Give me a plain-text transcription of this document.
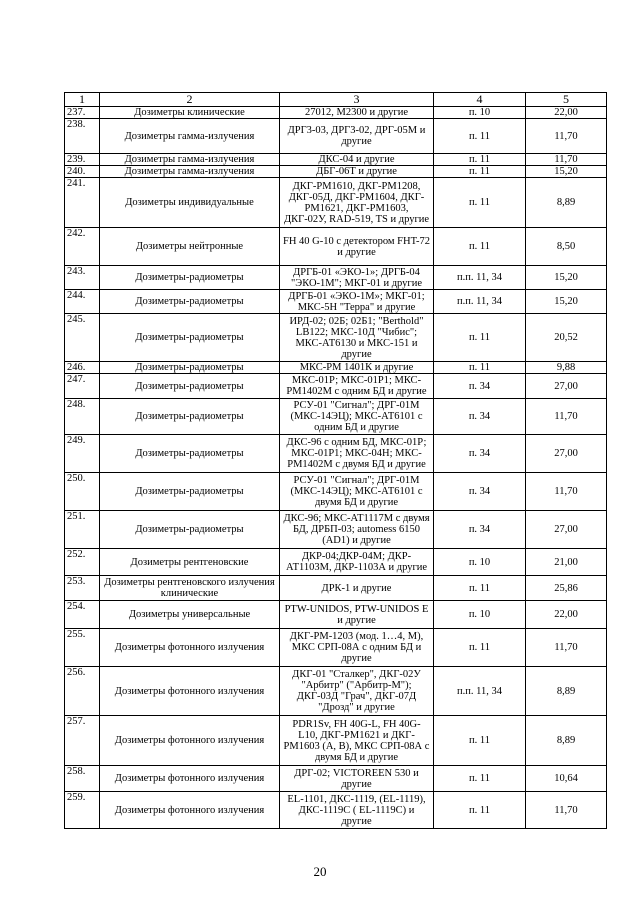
1	2	3	4	5
237.	Дозиметры клинические	27012, M2300 и другие	п. 10	22,00
238.	Дозиметры гамма-излучения	ДРГ3-03, ДРГ3-02, ДРГ-05М и другие	п. 11	11,70
239.	Дозиметры гамма-излучения	ДКС-04 и другие	п. 11	11,70
240.	Дозиметры гамма-излучения	ДБГ-06Т и другие	п. 11	15,20
241.	Дозиметры индивидуальные	ДКГ-РМ1610, ДКГ-РМ1208, ДКГ-05Д, ДКГ-РМ1604, ДКГ-РМ1621, ДКГ-РМ1603, ДКГ-02У, RAD-519, TS и другие	п. 11	8,89
242.	Дозиметры нейтронные	FH 40 G-10 с детектором FHT-72 и другие	п. 11	8,50
243.	Дозиметры-радиометры	ДРГБ-01 «ЭКО-1»; ДРГБ-04 "ЭКО-1М"; МКГ-01 и другие	п.п. 11, 34	15,20
244.	Дозиметры-радиометры	ДРГБ-01 «ЭКО-1М»; МКГ-01; МКС-5Н "Терра" и другие	п.п. 11, 34	15,20
245.	Дозиметры-радиометры	ИРД-02; 02Б; 02Б1; "Berthold" LB122; МКС-10Д "Чибис"; МКС-АТ6130 и МКС-151 и другие	п. 11	20,52
246.	Дозиметры-радиометры	МКС-РМ 1401К и другие	п. 11	9,88
247.	Дозиметры-радиометры	МКС-01Р; МКС-01Р1; МКС-РМ1402М с одним БД и другие	п. 34	27,00
248.	Дозиметры-радиометры	РСУ-01 "Сигнал"; ДРГ-01М (МКС-14ЭЦ); МКС-АТ6101 с одним БД и другие	п. 34	11,70
249.	Дозиметры-радиометры	ДКС-96 с одним БД, МКС-01Р; МКС-01Р1; МКС-04Н; МКС-РМ1402М с двумя БД и другие	п. 34	27,00
250.	Дозиметры-радиометры	РСУ-01 "Сигнал"; ДРГ-01М (МКС-14ЭЦ); МКС-АТ6101 с двумя БД и другие	п. 34	11,70
251.	Дозиметры-радиометры	ДКС-96; МКС-АТ1117М с двумя БД, ДРБП-03; automess 6150 (AD1) и другие	п. 34	27,00
252.	Дозиметры рентгеновские	ДКР-04;ДКР-04М; ДКР-АТ1103М, ДКР-1103А и другие	п. 10	21,00
253.	Дозиметры рентгеновского излучения клинические	ДРК-1 и другие	п. 11	25,86
254.	Дозиметры универсальные	PTW-UNIDOS, PTW-UNIDOS E и другие	п. 10	22,00
255.	Дозиметры фотонного излучения	ДКГ-РМ-1203 (мод. 1…4, М), МКС СРП-08А с одним БД и другие	п. 11	11,70
256.	Дозиметры фотонного излучения	ДКГ-01 "Сталкер", ДКГ-02У "Арбитр" ("Арбитр-М"); ДКГ-03Д "Грач", ДКГ-07Д "Дрозд" и другие	п.п. 11, 34	8,89
257.	Дозиметры фотонного излучения	PDR1Sv, FH 40G-L, FH 40G-L10, ДКГ-РМ1621 и ДКГ-РМ1603 (А, В), МКС СРП-08А с двумя БД и другие	п. 11	8,89
258.	Дозиметры фотонного излучения	ДРГ-02; VICTOREEN 530 и другие	п. 11	10,64
259.	Дозиметры фотонного излучения	EL-1101, ДКС-1119, (EL-1119), ДКС-1119С ( EL-1119С) и другие	п. 11	11,70
20
